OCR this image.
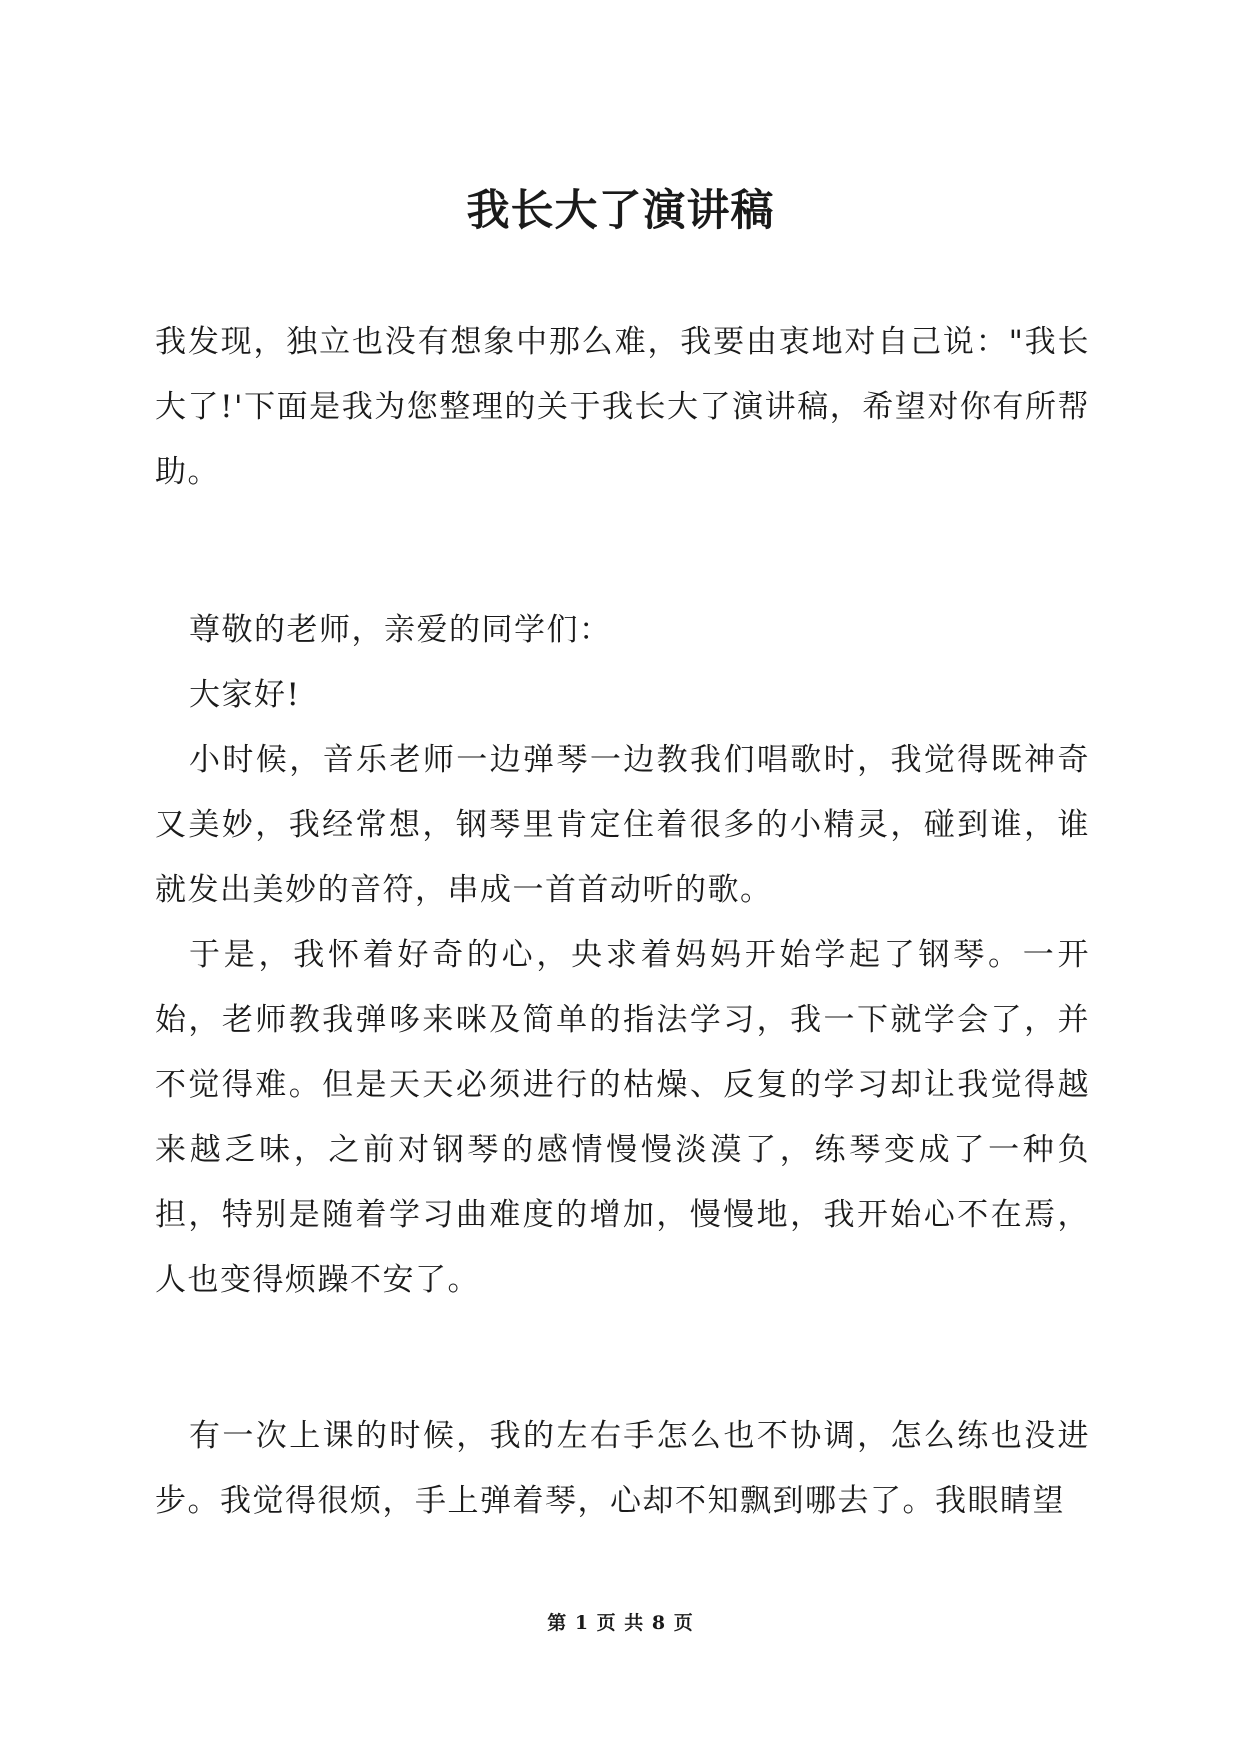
我长大了演讲稿

我发现，独立也没有想象中那么难，我要由衷地对自己说："我长大了!'下面是我为您整理的关于我长大了演讲稿，希望对你有所帮助。

尊敬的老师，亲爱的同学们：

大家好!

小时候，音乐老师一边弹琴一边教我们唱歌时，我觉得既神奇又美妙，我经常想，钢琴里肯定住着很多的小精灵，碰到谁，谁就发出美妙的音符，串成一首首动听的歌。

于是，我怀着好奇的心，央求着妈妈开始学起了钢琴。一开始，老师教我弹哆来咪及简单的指法学习，我一下就学会了，并不觉得难。但是天天必须进行的枯燥、反复的学习却让我觉得越来越乏味，之前对钢琴的感情慢慢淡漠了，练琴变成了一种负担，特别是随着学习曲难度的增加，慢慢地，我开始心不在焉，人也变得烦躁不安了。

有一次上课的时候，我的左右手怎么也不协调，怎么练也没进步。我觉得很烦，手上弹着琴，心却不知飘到哪去了。我眼睛望

第 1 页 共 8 页
